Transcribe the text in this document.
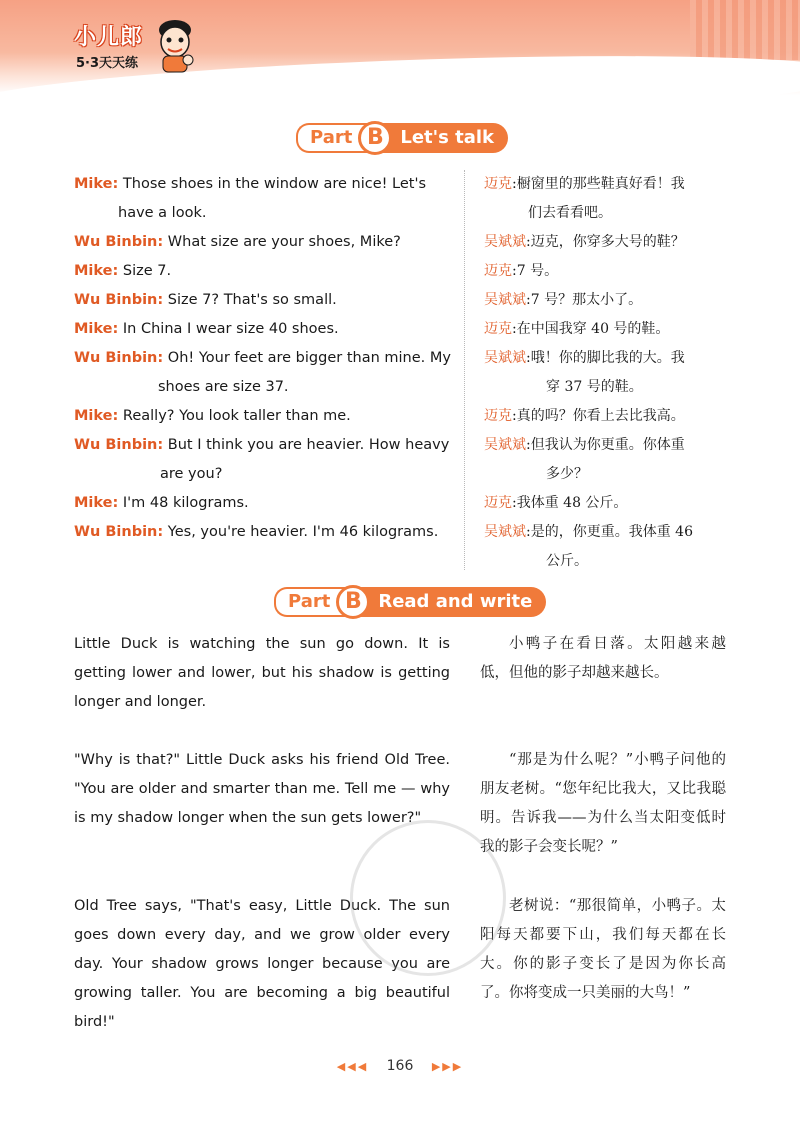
小儿郎
5·3天天练
Part B Let's talk
Mike: Those shoes in the window are nice! Let's
have a look.
Wu Binbin: What size are your shoes, Mike?
Mike: Size 7.
Wu Binbin: Size 7? That's so small.
Mike: In China I wear size 40 shoes.
Wu Binbin: Oh! Your feet are bigger than mine. My
shoes are size 37.
Mike: Really? You look taller than me.
Wu Binbin: But I think you are heavier. How heavy
are you?
Mike: I'm 48 kilograms.
Wu Binbin: Yes, you're heavier. I'm 46 kilograms.
迈克:橱窗里的那些鞋真好看！我
们去看看吧。
吴斌斌:迈克，你穿多大号的鞋？
迈克:7 号。
吴斌斌:7 号？那太小了。
迈克:在中国我穿 40 号的鞋。
吴斌斌:哦！你的脚比我的大。我
穿 37 号的鞋。
迈克:真的吗？你看上去比我高。
吴斌斌:但我认为你更重。你体重
多少？
迈克:我体重 48 公斤。
吴斌斌:是的，你更重。我体重 46
公斤。
Part B Read and write
Little Duck is watching the sun go down. It is getting lower and lower, but his shadow is getting longer and longer.
"Why is that?" Little Duck asks his friend Old Tree. "You are older and smarter than me. Tell me — why is my shadow longer when the sun gets lower?"
Old Tree says, "That's easy, Little Duck. The sun goes down every day, and we grow older every day. Your shadow grows longer because you are growing taller. You are becoming a big beautiful bird!"
小鸭子在看日落。太阳越来越低，但他的影子却越来越长。
“那是为什么呢？”小鸭子问他的朋友老树。“您年纪比我大，又比我聪明。告诉我——为什么当太阳变低时我的影子会变长呢？”
老树说：“那很简单，小鸭子。太阳每天都要下山，我们每天都在长大。你的影子变长了是因为你长高了。你将变成一只美丽的大鸟！”
◀◀◀ 166 ▶▶▶
